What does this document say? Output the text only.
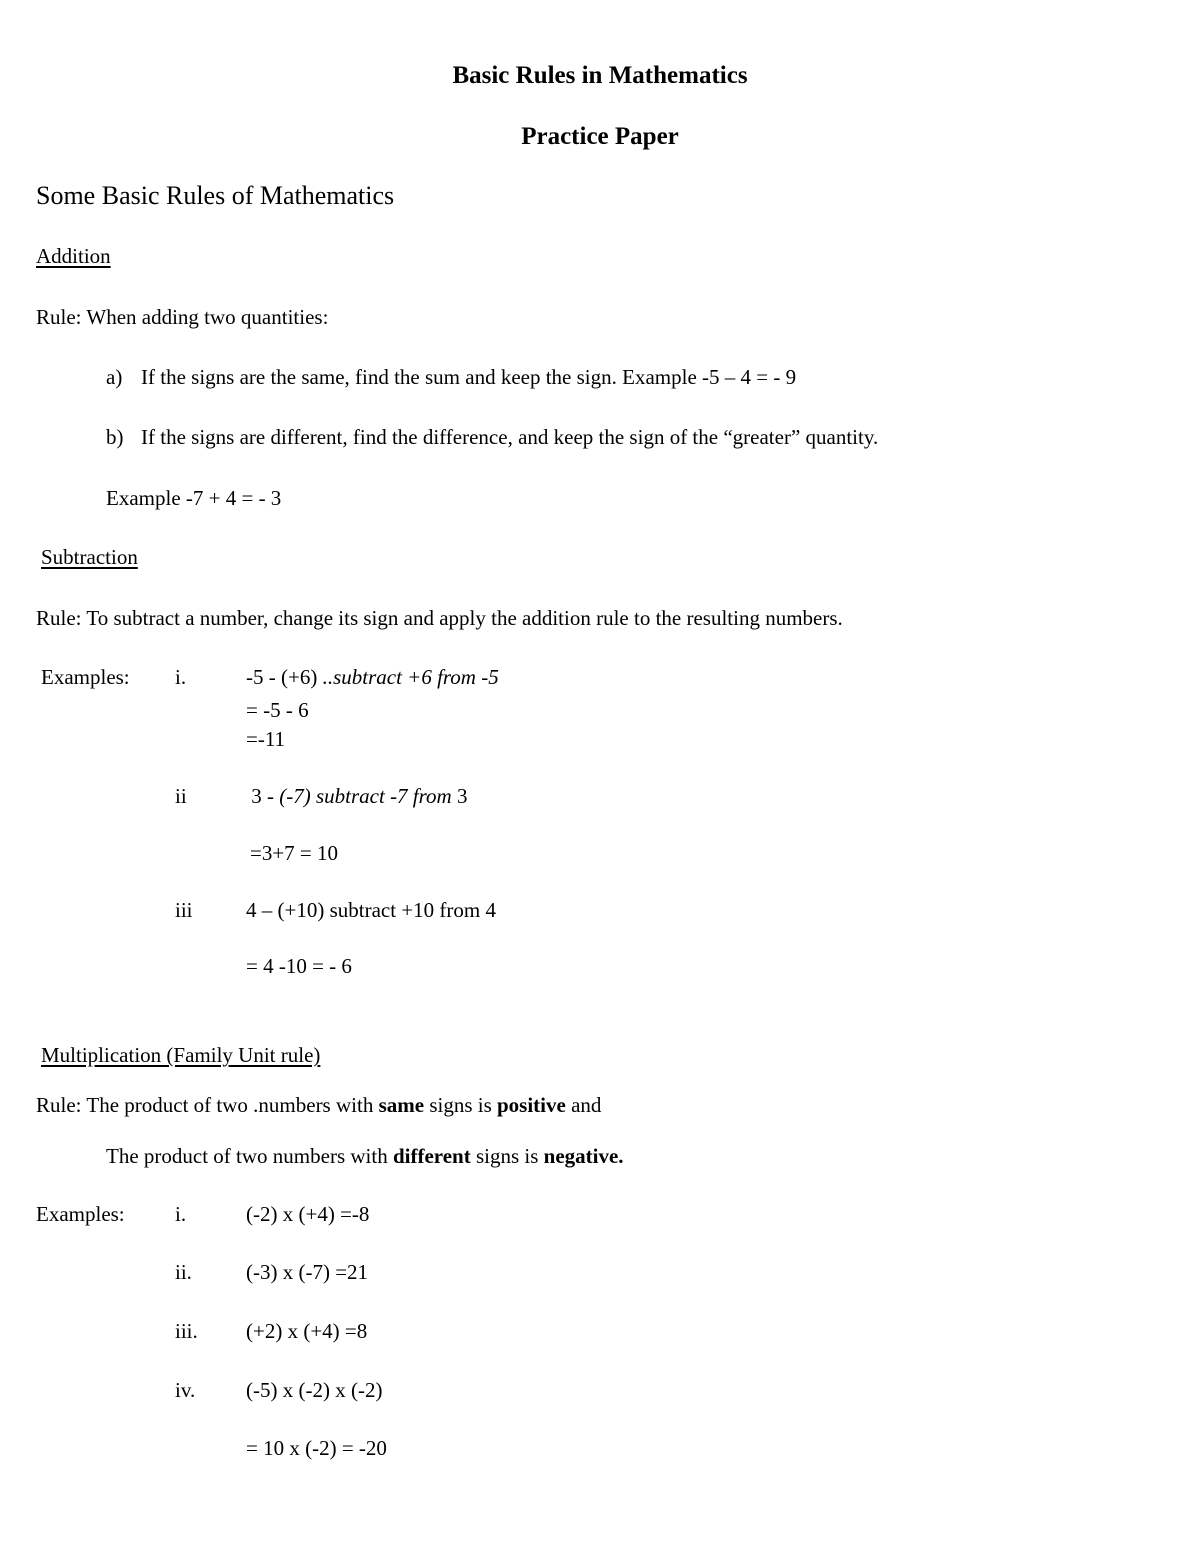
Basic Rules in Mathematics
Practice Paper
Some Basic Rules of Mathematics
Addition
Rule: When adding two quantities:
a) If the signs are the same, find the sum and keep the sign. Example -5 – 4 = - 9
b) If the signs are different, find the difference, and keep the sign of the “greater” quantity.
Example -7 + 4 = - 3
Subtraction
Rule: To subtract a number, change its sign and apply the addition rule to the resulting numbers.
Examples: i.	-5 - (+6) ..subtract +6 from -5
= -5 - 6
=-11
ii	3 - (-7) subtract -7 from 3
=3+7 = 10
iii	4 – (+10) subtract +10 from 4
= 4 -10 = - 6
Multiplication (Family Unit rule)
Rule: The product of two .numbers with same signs is positive and
The product of two numbers with different signs is negative.
Examples: i.	(-2) x (+4) =-8
ii.	(-3) x (-7) =21
iii. (+2) x (+4) =8
iv. (-5) x (-2) x (-2)
= 10 x (-2) = -20
